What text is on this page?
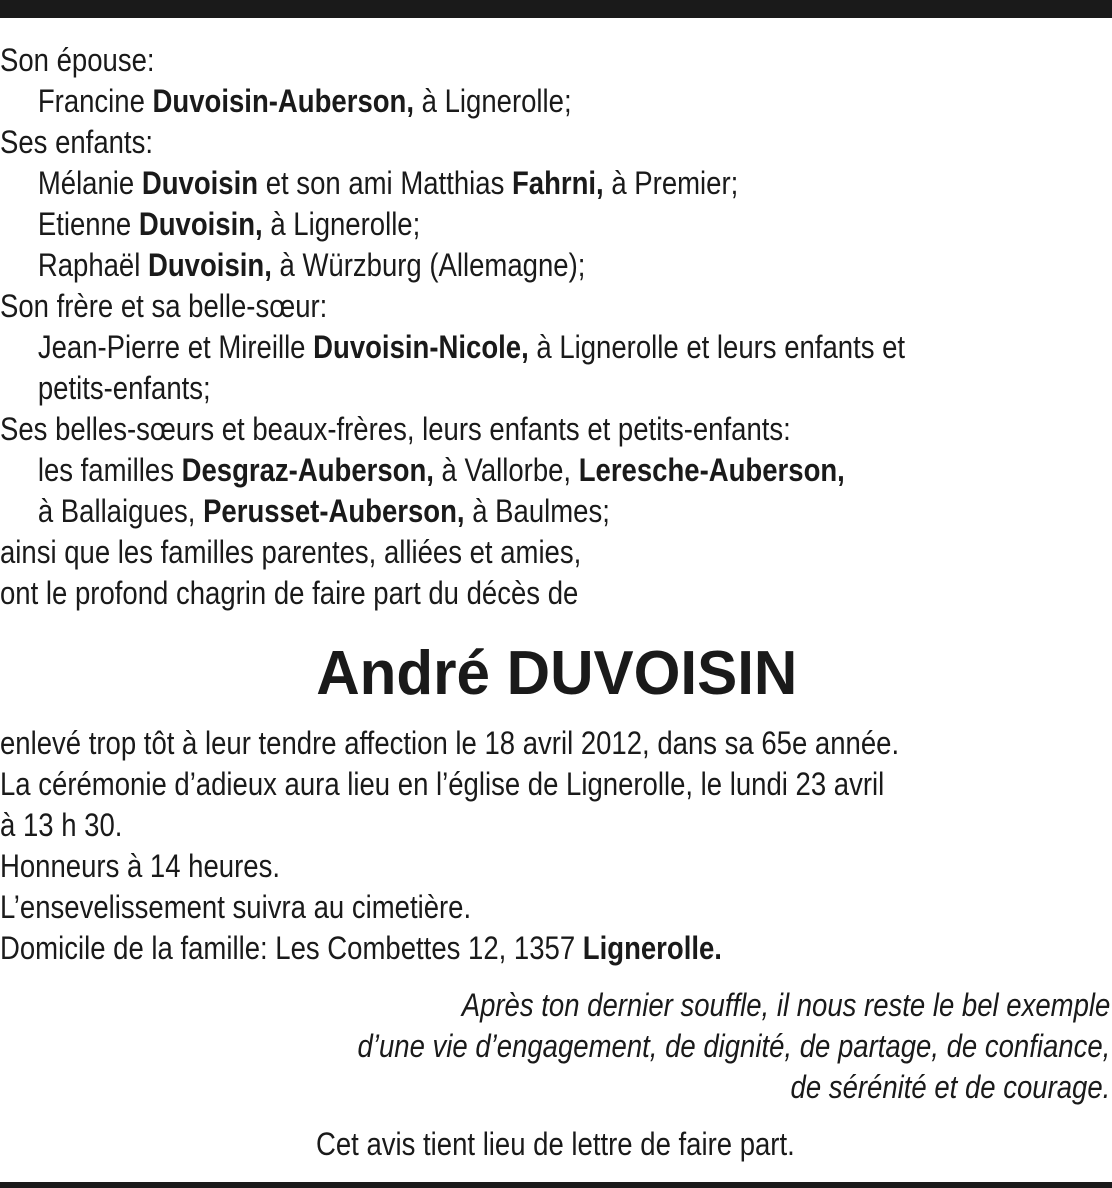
Son épouse:
Francine Duvoisin-Auberson, à Lignerolle;
Ses enfants:
Mélanie Duvoisin et son ami Matthias Fahrni, à Premier;
Etienne Duvoisin, à Lignerolle;
Raphaël Duvoisin, à Würzburg (Allemagne);
Son frère et sa belle-sœur:
Jean-Pierre et Mireille Duvoisin-Nicole, à Lignerolle et leurs enfants et
petits-enfants;
Ses belles-sœurs et beaux-frères, leurs enfants et petits-enfants:
les familles Desgraz-Auberson, à Vallorbe, Leresche-Auberson,
à Ballaigues, Perusset-Auberson, à Baulmes;
ainsi que les familles parentes, alliées et amies,
ont le profond chagrin de faire part du décès de
André DUVOISIN
enlevé trop tôt à leur tendre affection le 18 avril 2012, dans sa 65e année.
La cérémonie d’adieux aura lieu en l’église de Lignerolle, le lundi 23 avril
à 13 h 30.
Honneurs à 14 heures.
L’ensevelissement suivra au cimetière.
Domicile de la famille: Les Combettes 12, 1357 Lignerolle.
Après ton dernier souffle, il nous reste le bel exemple
d’une vie d’engagement, de dignité, de partage, de confiance,
de sérénité et de courage.
Cet avis tient lieu de lettre de faire part.
